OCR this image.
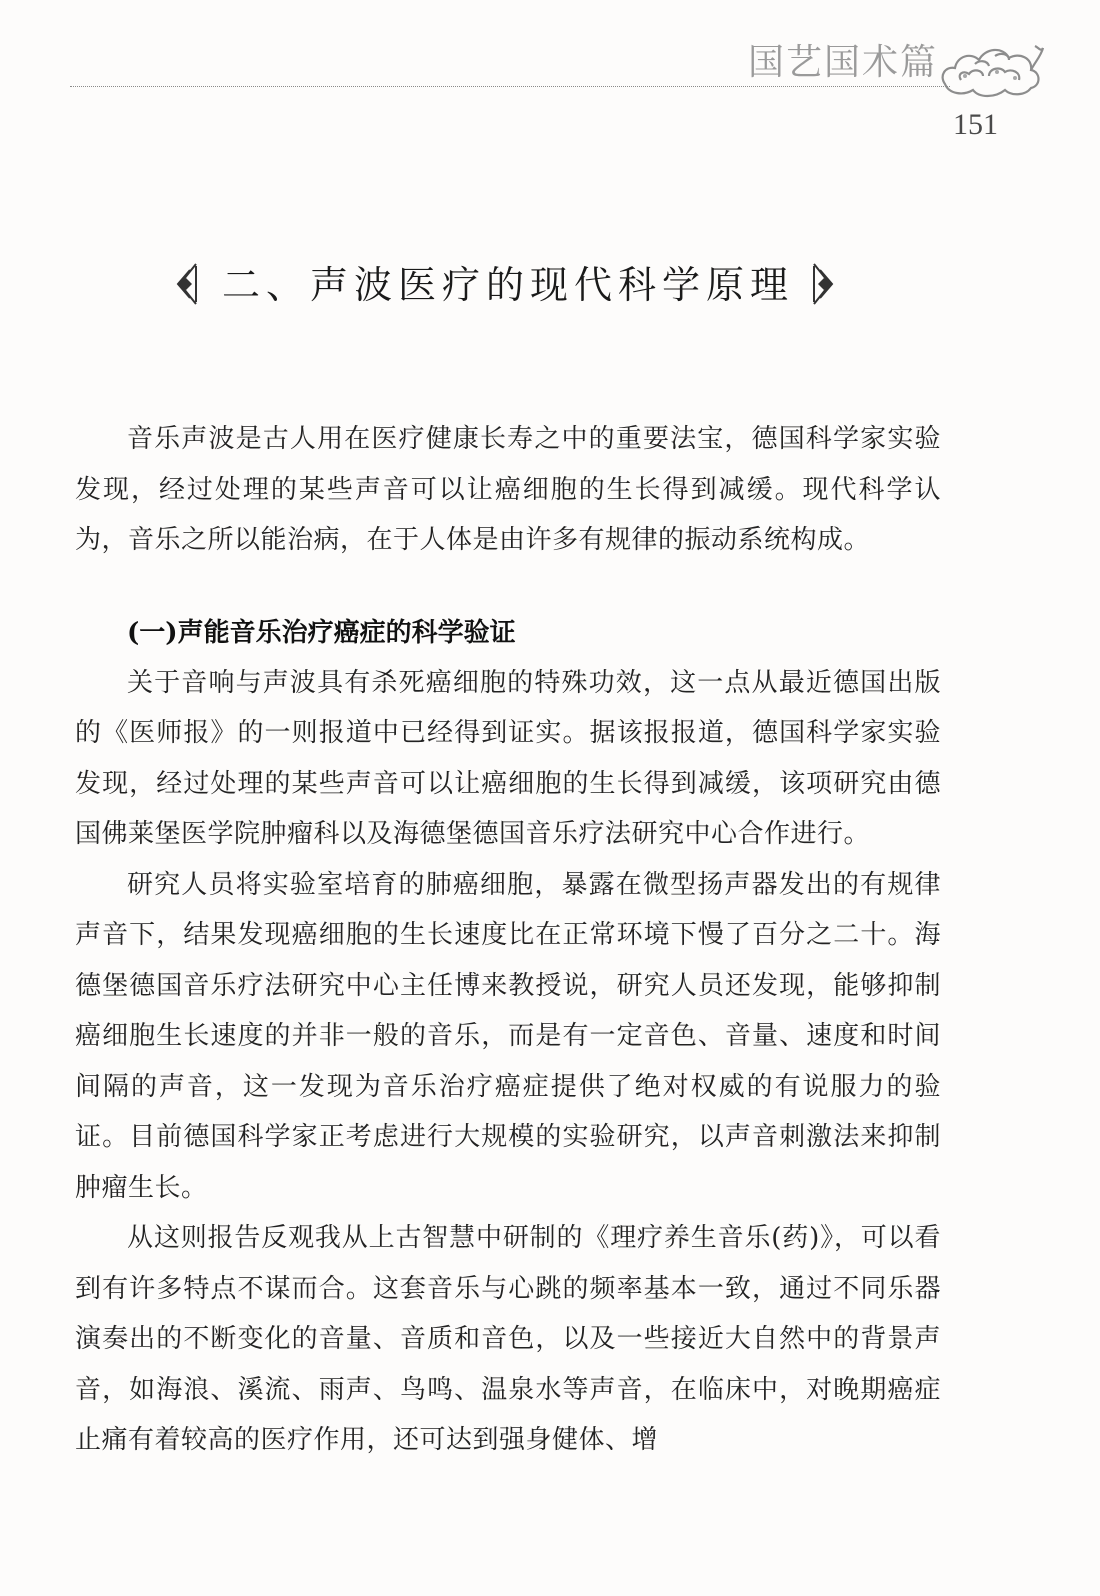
国艺国术篇
151
二、声波医疗的现代科学原理

音乐声波是古人用在医疗健康长寿之中的重要法宝，德国科学家实验发现，经过处理的某些声音可以让癌细胞的生长得到减缓。现代科学认为，音乐之所以能治病，在于人体是由许多有规律的振动系统构成。

(一)声能音乐治疗癌症的科学验证

关于音响与声波具有杀死癌细胞的特殊功效，这一点从最近德国出版的《医师报》的一则报道中已经得到证实。据该报报道，德国科学家实验发现，经过处理的某些声音可以让癌细胞的生长得到减缓，该项研究由德国佛莱堡医学院肿瘤科以及海德堡德国音乐疗法研究中心合作进行。

研究人员将实验室培育的肺癌细胞，暴露在微型扬声器发出的有规律声音下，结果发现癌细胞的生长速度比在正常环境下慢了百分之二十。海德堡德国音乐疗法研究中心主任博来教授说，研究人员还发现，能够抑制癌细胞生长速度的并非一般的音乐，而是有一定音色、音量、速度和时间间隔的声音，这一发现为音乐治疗癌症提供了绝对权威的有说服力的验证。目前德国科学家正考虑进行大规模的实验研究，以声音刺激法来抑制肿瘤生长。

从这则报告反观我从上古智慧中研制的《理疗养生音乐(药)》，可以看到有许多特点不谋而合。这套音乐与心跳的频率基本一致，通过不同乐器演奏出的不断变化的音量、音质和音色，以及一些接近大自然中的背景声音，如海浪、溪流、雨声、鸟鸣、温泉水等声音，在临床中，对晚期癌症止痛有着较高的医疗作用，还可达到强身健体、增
